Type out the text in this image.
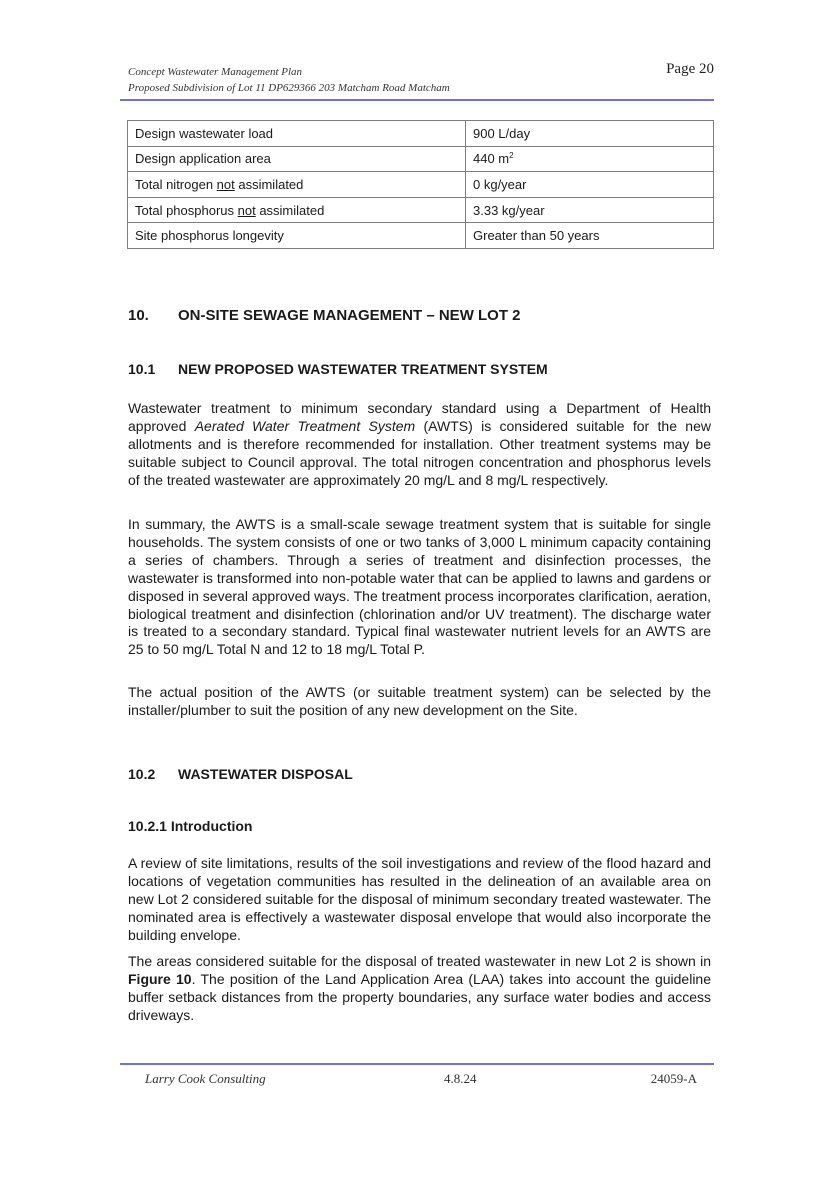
Concept Wastewater Management Plan
Proposed Subdivision of Lot 11 DP629366 203 Matcham Road Matcham
Page 20
Design wastewater load	900 L/day
Design application area	440 $m^2$
Total nitrogen not assimilated	0 kg/year
Total phosphorus not assimilated	3.33 kg/year
Site phosphorus longevity	Greater than 50 years
10. ON-SITE SEWAGE MANAGEMENT – NEW LOT 2
10.1 NEW PROPOSED WASTEWATER TREATMENT SYSTEM

Wastewater treatment to minimum secondary standard using a Department of Health approved Aerated Water Treatment System (AWTS) is considered suitable for the new allotments and is therefore recommended for installation. Other treatment systems may be suitable subject to Council approval. The total nitrogen concentration and phosphorus levels of the treated wastewater are approximately 20 mg/L and 8 mg/L respectively.

In summary, the AWTS is a small-scale sewage treatment system that is suitable for single households. The system consists of one or two tanks of 3,000 L minimum capacity containing a series of chambers. Through a series of treatment and disinfection processes, the wastewater is transformed into non-potable water that can be applied to lawns and gardens or disposed in several approved ways. The treatment process incorporates clarification, aeration, biological treatment and disinfection (chlorination and/or UV treatment). The discharge water is treated to a secondary standard. Typical final wastewater nutrient levels for an AWTS are 25 to 50 mg/L Total N and 12 to 18 mg/L Total P.

The actual position of the AWTS (or suitable treatment system) can be selected by the installer/plumber to suit the position of any new development on the Site.

10.2 WASTEWATER DISPOSAL
10.2.1 Introduction

A review of site limitations, results of the soil investigations and review of the flood hazard and locations of vegetation communities has resulted in the delineation of an available area on new Lot 2 considered suitable for the disposal of minimum secondary treated wastewater. The nominated area is effectively a wastewater disposal envelope that would also incorporate the building envelope.

The areas considered suitable for the disposal of treated wastewater in new Lot 2 is shown in Figure 10. The position of the Land Application Area (LAA) takes into account the guideline buffer setback distances from the property boundaries, any surface water bodies and access driveways.

Larry Cook Consulting	4.8.24	24059-A
